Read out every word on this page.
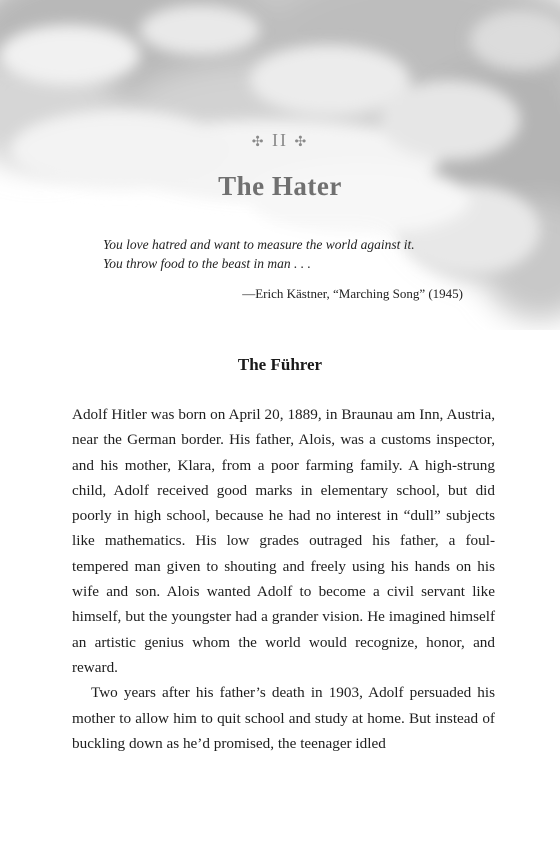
✣ II ✣
The Hater

You love hatred and want to measure the world against it.

You throw food to the beast in man . . .

—Erich Kästner, “Marching Song” (1945)
The Führer

Adolf Hitler was born on April 20, 1889, in Braunau am Inn, Austria, near the German border. His father, Alois, was a customs inspector, and his mother, Klara, from a poor farming family. A high-strung child, Adolf received good marks in elementary school, but did poorly in high school, because he had no interest in “dull” subjects like mathematics. His low grades outraged his father, a foul-tempered man given to shouting and freely using his hands on his wife and son. Alois wanted Adolf to become a civil servant like himself, but the youngster had a grander vision. He imagined himself an artistic genius whom the world would recognize, honor, and reward.

Two years after his father’s death in 1903, Adolf persuaded his mother to allow him to quit school and study at home. But instead of buckling down as he’d promised, the teenager idled
